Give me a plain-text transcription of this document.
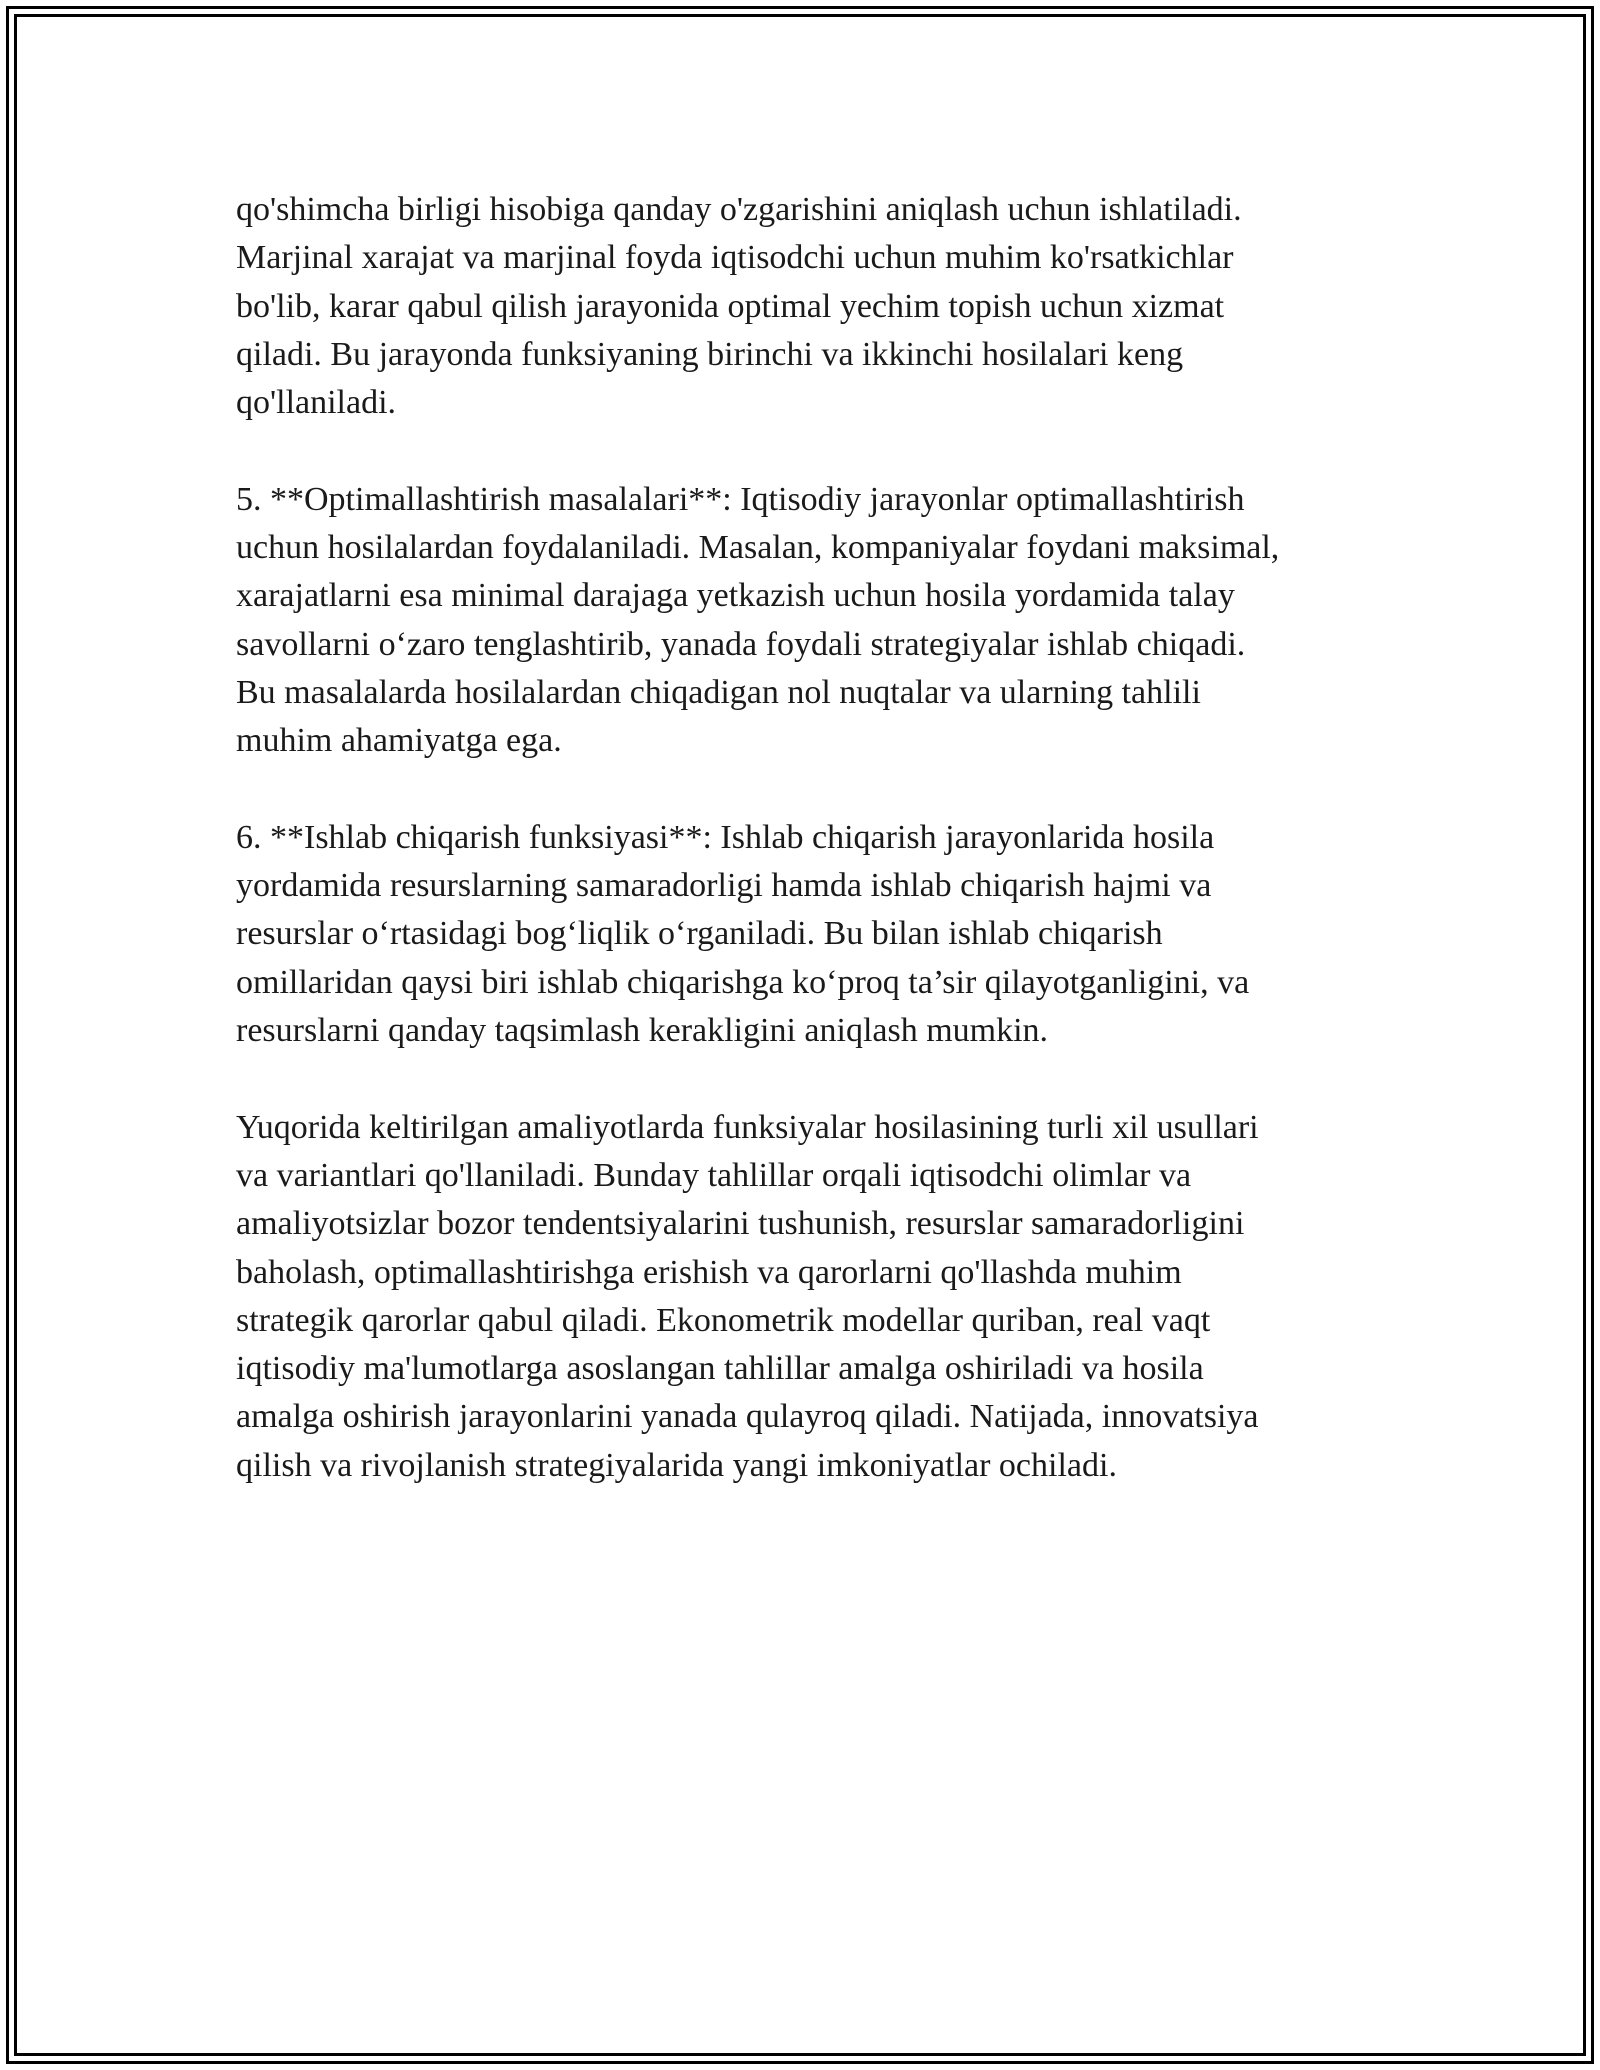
qo'shimcha birligi hisobiga qanday o'zgarishini aniqlash uchun ishlatiladi.
Marjinal xarajat va marjinal foyda iqtisodchi uchun muhim ko'rsatkichlar
bo'lib, karar qabul qilish jarayonida optimal yechim topish uchun xizmat
qiladi. Bu jarayonda funksiyaning birinchi va ikkinchi hosilalari keng
qo'llaniladi.

5. **Optimallashtirish masalalari**: Iqtisodiy jarayonlar optimallashtirish
uchun hosilalardan foydalaniladi. Masalan, kompaniyalar foydani maksimal,
xarajatlarni esa minimal darajaga yetkazish uchun hosila yordamida talay
savollarni o‘zaro tenglashtirib, yanada foydali strategiyalar ishlab chiqadi.
Bu masalalarda hosilalardan chiqadigan nol nuqtalar va ularning tahlili
muhim ahamiyatga ega.

6. **Ishlab chiqarish funksiyasi**: Ishlab chiqarish jarayonlarida hosila
yordamida resurslarning samaradorligi hamda ishlab chiqarish hajmi va
resurslar o‘rtasidagi bog‘liqlik o‘rganiladi. Bu bilan ishlab chiqarish
omillaridan qaysi biri ishlab chiqarishga ko‘proq ta’sir qilayotganligini, va
resurslarni qanday taqsimlash kerakligini aniqlash mumkin.

Yuqorida keltirilgan amaliyotlarda funksiyalar hosilasining turli xil usullari
va variantlari qo'llaniladi. Bunday tahlillar orqali iqtisodchi olimlar va
amaliyotsizlar bozor tendentsiyalarini tushunish, resurslar samaradorligini
baholash, optimallashtirishga erishish va qarorlarni qo'llashda muhim
strategik qarorlar qabul qiladi. Ekonometrik modellar quriban, real vaqt
iqtisodiy ma'lumotlarga asoslangan tahlillar amalga oshiriladi va hosila
amalga oshirish jarayonlarini yanada qulayroq qiladi. Natijada, innovatsiya
qilish va rivojlanish strategiyalarida yangi imkoniyatlar ochiladi.
